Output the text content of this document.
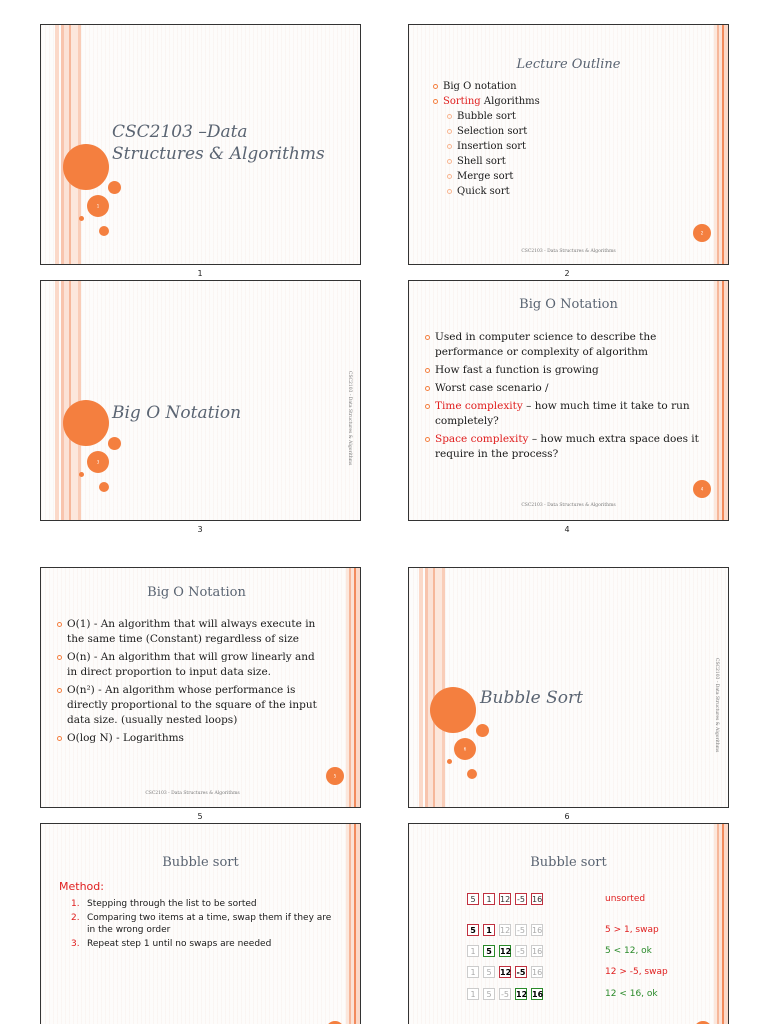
1
CSC2103 –Data
Structures & Algorithms
1
Lecture Outline
Big O notation
Sorting Algorithms
Bubble sort
Selection sort
Insertion sort
Shell sort
Merge sort
Quick sort
CSC2103 - Data Structures & Algorithms
2
2
3
Big O Notation	CSC2103 - Data Structures & Algorithms
3
Big O Notation
Used in computer science to describe the performance or complexity of algorithm
How fast a function is growing
Worst case scenario /
Time complexity – how much time it take to run completely?
Space complexity – how much extra space does it require in the process?
CSC2103 - Data Structures & Algorithms
4
4
Big O Notation
O(1) - An algorithm that will always execute in the same time (Constant) regardless of size
O(n) - An algorithm that will grow linearly and in direct proportion to input data size.
O(n²) - An algorithm whose performance is directly proportional to the square of the input data size. (usually nested loops)
O(log N) - Logarithms
CSC2103 - Data Structures & Algorithms
5
5
6
Bubble Sort	CSC2103 - Data Structures & Algorithms
6
Bubble sort
Method:
1. Stepping through the list to be sorted
2. Comparing two items at a time, swap them if they are in the wrong order
3. Repeat step 1 until no swaps are needed
Bubble sort
5 1 12 -5 16	unsorted
5 1 12 -5 16	5 > 1, swap
1 5 12 -5 16	5 < 12, ok
1 5 12 -5 16	12 > -5, swap
1 5 -5 12 16	12 < 16, ok
